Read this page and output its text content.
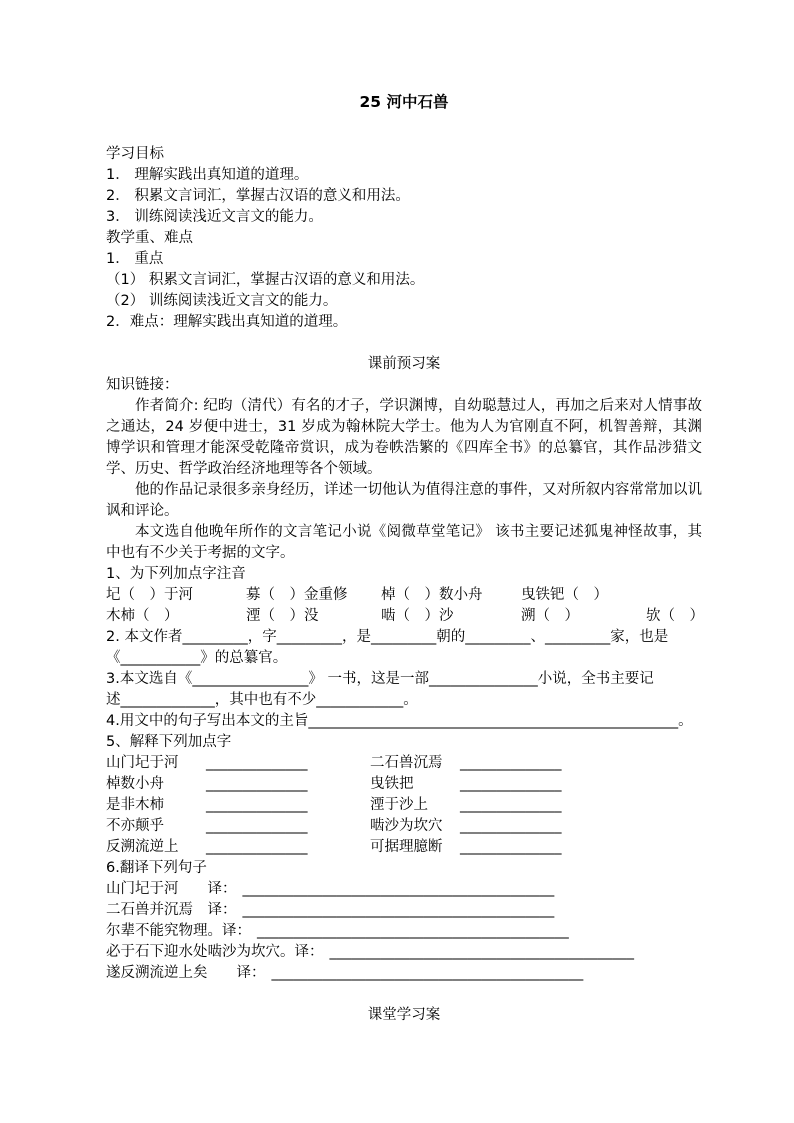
25 河中石兽
学习目标
1． 理解实践出真知道的道理。
2． 积累文言词汇，掌握古汉语的意义和用法。
3． 训练阅读浅近文言文的能力。
教学重、难点
1． 重点
（1） 积累文言词汇，掌握古汉语的意义和用法。
（2） 训练阅读浅近文言文的能力。
2．难点：理解实践出真知道的道理。
课前预习案
知识链接：

作者简介: 纪昀（清代）有名的才子，学识渊博，自幼聪慧过人，再加之后来对人情事故之通达，24 岁便中进士，31 岁成为翰林院大学士。他为人为官刚直不阿，机智善辩，其渊博学识和管理才能深受乾隆帝赏识，成为卷帙浩繁的《四库全书》的总纂官，其作品涉猎文学、历史、哲学政治经济地理等各个领域。

他的作品记录很多亲身经历，详述一切他认为值得注意的事件，又对所叙内容常常加以讥讽和评论。

本文选自他晚年所作的文言笔记小说《阅微草堂笔记》 该书主要记述狐鬼神怪故事，其中也有不少关于考据的文字。

1、为下列加点字注音
圮（　）于河	募（　）金重修 棹（　）数小舟	曳铁钯（　）
木柿（　）	湮（　）没	啮（　）沙	溯（　）	欤（　）
2. 本文作者_________，字_________，是_________朝的_________、_________家，也是
《___________》的总纂官。
3.本文选自《________________》 一书，这是一部_______________小说，全书主要记
述_____________，其中也有不少____________。
4.用文中的句子写出本文的主旨___________________________________________________。
5、解释下列加点字
山门圮于河 ______________	二石兽沉焉 ______________
棹数小舟	______________	曳铁把	______________
是非木柿	______________	湮于沙上 ______________
不亦颠乎	______________	啮沙为坎穴 ______________
反溯流逆上 ______________	可据理臆断 ______________
6.翻译下列句子
山门圮于河　　译： ___________________________________________
二石兽并沉焉　译： ___________________________________________
尔辈不能究物理。译： ___________________________________________
必于石下迎水处啮沙为坎穴。译： __________________________________________
遂反溯流逆上矣　　译： ___________________________________________
课堂学习案
